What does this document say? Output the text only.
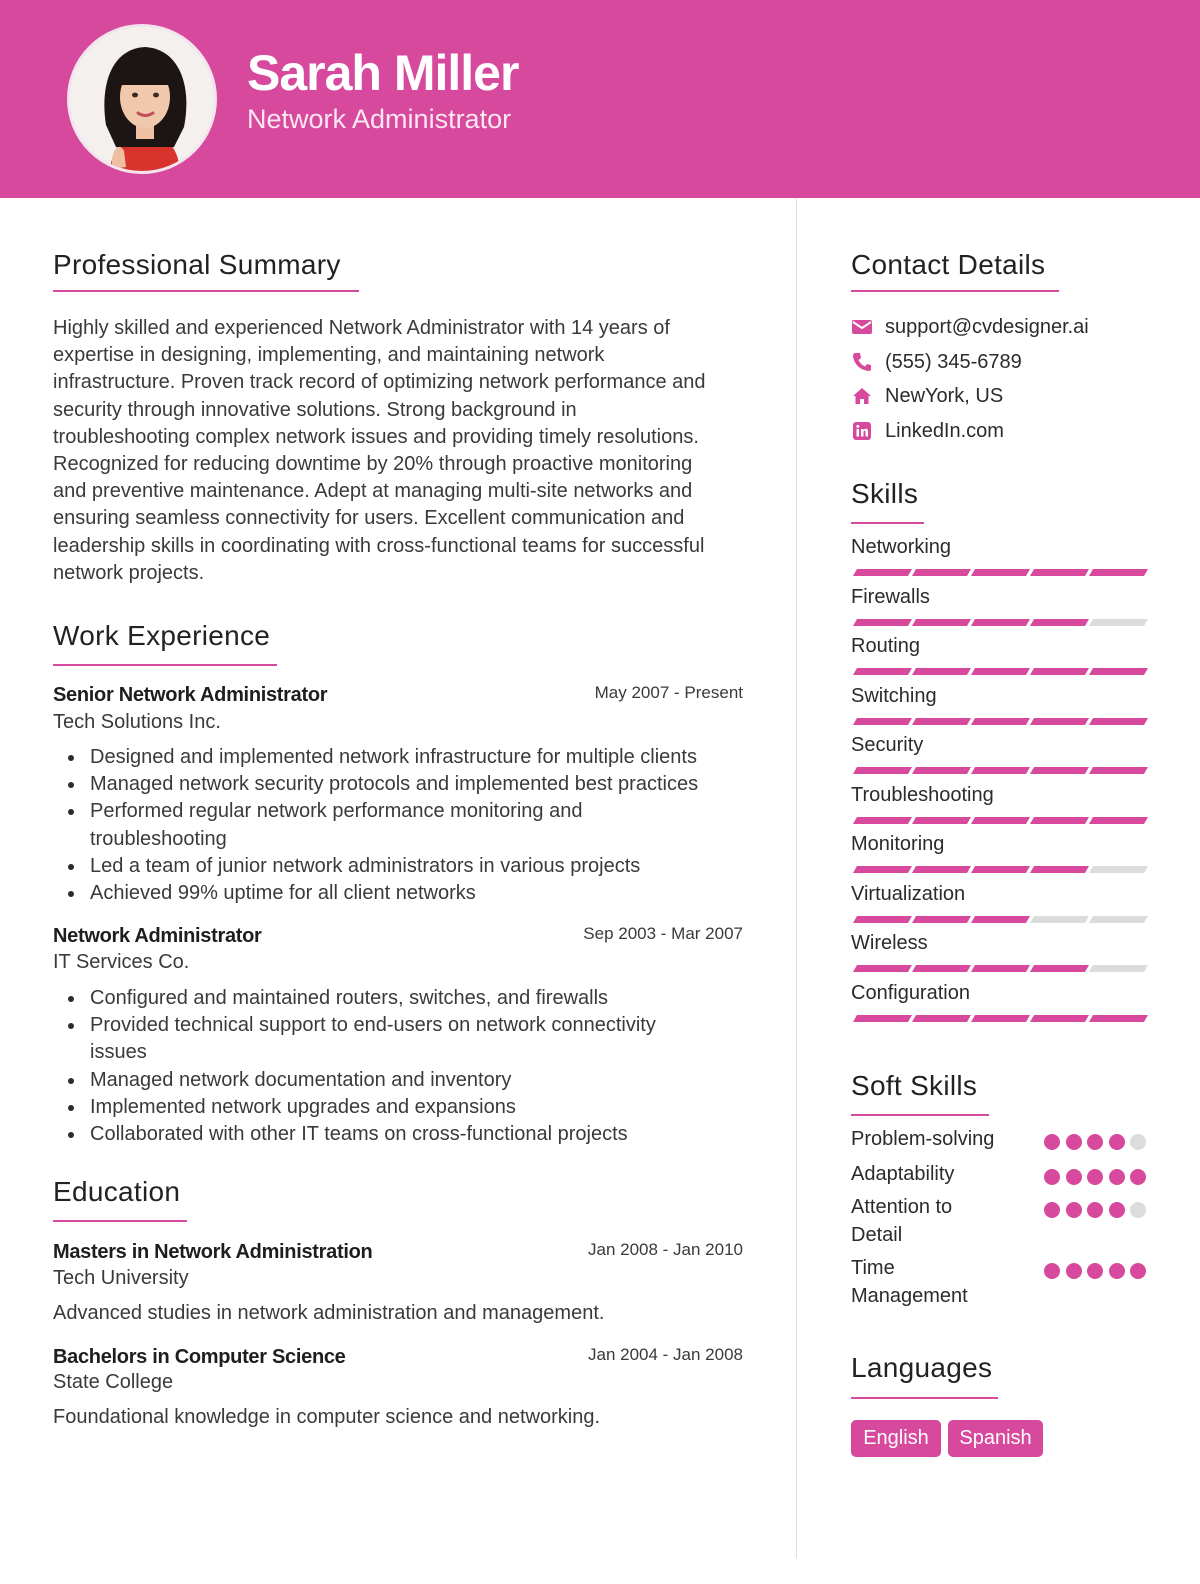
Sarah Miller
Network Administrator
Professional Summary
Highly skilled and experienced Network Administrator with 14 years of
expertise in designing, implementing, and maintaining network
infrastructure. Proven track record of optimizing network performance and
security through innovative solutions. Strong background in
troubleshooting complex network issues and providing timely resolutions.
Recognized for reducing downtime by 20% through proactive monitoring
and preventive maintenance. Adept at managing multi-site networks and
ensuring seamless connectivity for users. Excellent communication and
leadership skills in coordinating with cross-functional teams for successful
network projects.
Work Experience
Senior Network Administrator	May 2007 - Present
Tech Solutions Inc.
Designed and implemented network infrastructure for multiple clients
Managed network security protocols and implemented best practices
Performed regular network performance monitoring and
troubleshooting
Led a team of junior network administrators in various projects
Achieved 99% uptime for all client networks
Network Administrator	Sep 2003 - Mar 2007
IT Services Co.
Configured and maintained routers, switches, and firewalls
Provided technical support to end-users on network connectivity
issues
Managed network documentation and inventory
Implemented network upgrades and expansions
Collaborated with other IT teams on cross-functional projects
Education
Masters in Network Administration	Jan 2008 - Jan 2010
Tech University
Advanced studies in network administration and management.
Bachelors in Computer Science	Jan 2004 - Jan 2008
State College
Foundational knowledge in computer science and networking.
Contact Details
support@cvdesigner.ai
(555) 345-6789
NewYork, US
LinkedIn.com
Skills
Networking
Firewalls
Routing
Switching
Security
Troubleshooting
Monitoring
Virtualization
Wireless
Configuration
Soft Skills
Problem-solving
Adaptability
Attention to
Detail
Time
Management
Languages
English	Spanish
